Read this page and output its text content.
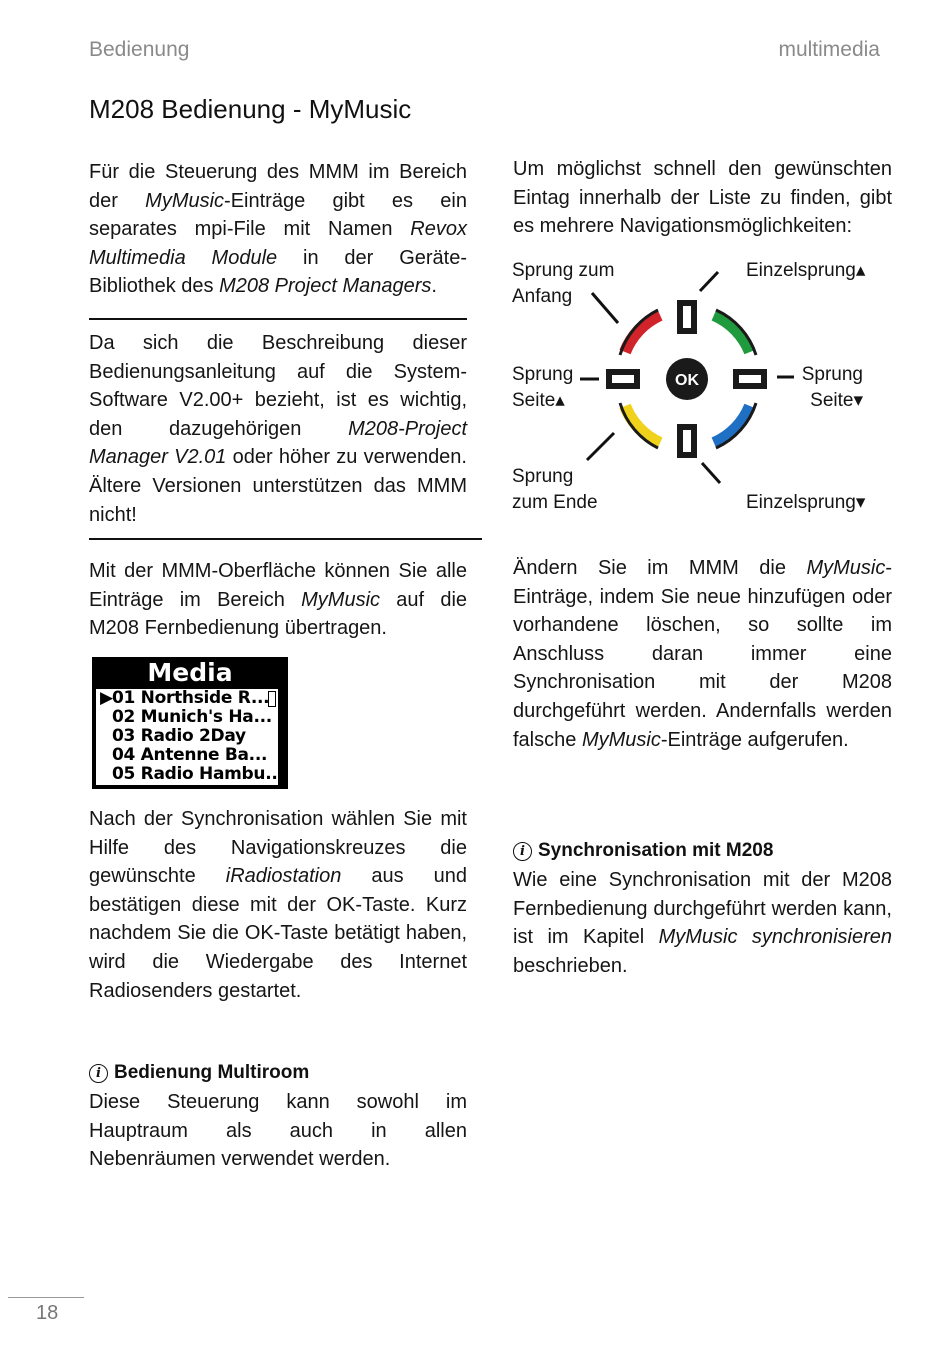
Bedienung	multimedia
M208 Bedienung - MyMusic
Für die Steuerung des MMM im Bereich der MyMusic-Einträge gibt es ein separates mpi-File mit Namen Revox Multimedia Module in der Geräte-Bibliothek des M208 Project Managers.
Da sich die Beschreibung dieser Bedienungsanleitung auf die System-Software V2.00+ bezieht, ist es wichtig, den dazugehörigen M208-Project Manager V2.01 oder höher zu verwenden. Ältere Versionen unterstützen das MMM nicht!
Mit der MMM-Oberfläche können Sie alle Einträge im Bereich MyMusic auf die M208 Fernbedienung übertragen.
Media
▶01 Northside R...
02 Munich's Ha...
03 Radio 2Day
04 Antenne Ba...
05 Radio Hambu...
Nach der Synchronisation wählen Sie mit Hilfe des Navigationskreuzes die gewünschte iRadiostation aus und bestätigen diese mit der OK-Taste. Kurz nachdem Sie die OK-Taste betätigt haben, wird die Wiedergabe des Internet Radiosenders gestartet.
i Bedienung Multiroom
Diese Steuerung kann sowohl im Hauptraum als auch in allen Nebenräumen verwendet werden.
Um möglichst schnell den gewünschten Eintag innerhalb der Liste zu finden, gibt es mehrere Navigationsmöglichkeiten:
Sprung zum
Anfang
Einzelsprung▴
Sprung
Seite▴
Sprung
Seite▾
Sprung
zum Ende	Einzelsprung▾
OK
Ändern Sie im MMM die MyMusic-Einträge, indem Sie neue hinzufügen oder vorhandene löschen, so sollte im Anschluss daran immer eine Synchronisation mit der M208 durchgeführt werden. Andernfalls werden falsche MyMusic-Einträge aufgerufen.
i Synchronisation mit M208
Wie eine Synchronisation mit der M208 Fernbedienung durchgeführt werden kann, ist im Kapitel MyMusic synchronisieren beschrieben.
18
